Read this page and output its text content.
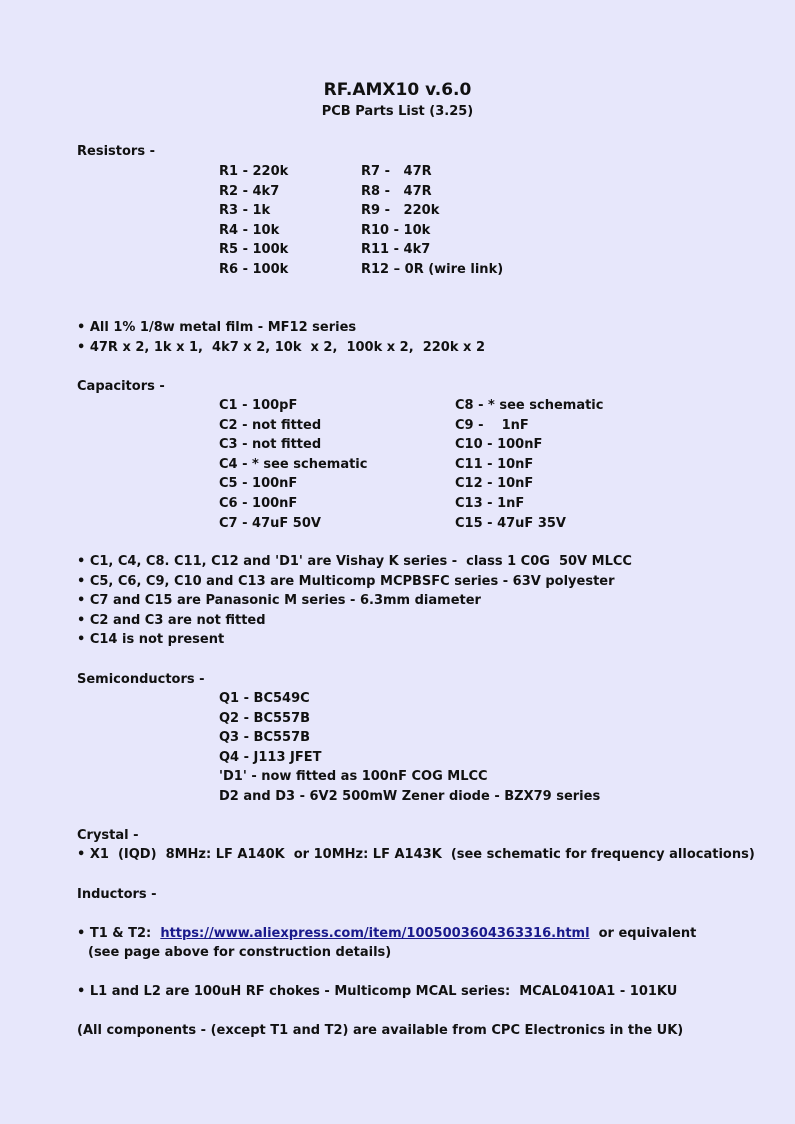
RF.AMX10 v.6.0
PCB Parts List (3.25)
Resistors -
R1 - 220k
R2 - 4k7
R3 - 1k
R4 - 10k
R5 - 100k
R6 - 100k
R7 -   47R
R8 -   47R
R9 -   220k
R10 - 10k
R11 - 4k7
R12 – 0R (wire link)
• All 1% 1/8w metal film - MF12 series
• 47R x 2, 1k x 1,  4k7 x 2, 10k  x 2,  100k x 2,  220k x 2
Capacitors -
C1 - 100pF
C2 - not fitted
C3 - not fitted
C4 - * see schematic
C5 - 100nF
C6 - 100nF
C7 - 47uF 50V
C8 - * see schematic
C9 -    1nF
C10 - 100nF
C11 - 10nF
C12 - 10nF
C13 - 1nF
C15 - 47uF 35V
• C1, C4, C8. C11, C12 and 'D1' are Vishay K series -  class 1 C0G  50V MLCC
• C5, C6, C9, C10 and C13 are Multicomp MCPBSFC series - 63V polyester
• C7 and C15 are Panasonic M series - 6.3mm diameter
• C2 and C3 are not fitted
• C14 is not present
Semiconductors -
Q1 - BC549C
Q2 - BC557B
Q3 - BC557B
Q4 - J113 JFET
'D1' - now fitted as 100nF COG MLCC
D2 and D3 - 6V2 500mW Zener diode - BZX79 series
Crystal -
• X1  (IQD)  8MHz: LF A140K  or 10MHz: LF A143K  (see schematic for frequency allocations)
Inductors -
• T1 & T2:  https://www.aliexpress.com/item/1005003604363316.html  or equivalent
(see page above for construction details)
• L1 and L2 are 100uH RF chokes - Multicomp MCAL series:  MCAL0410A1 - 101KU
(All components - (except T1 and T2) are available from CPC Electronics in the UK)
